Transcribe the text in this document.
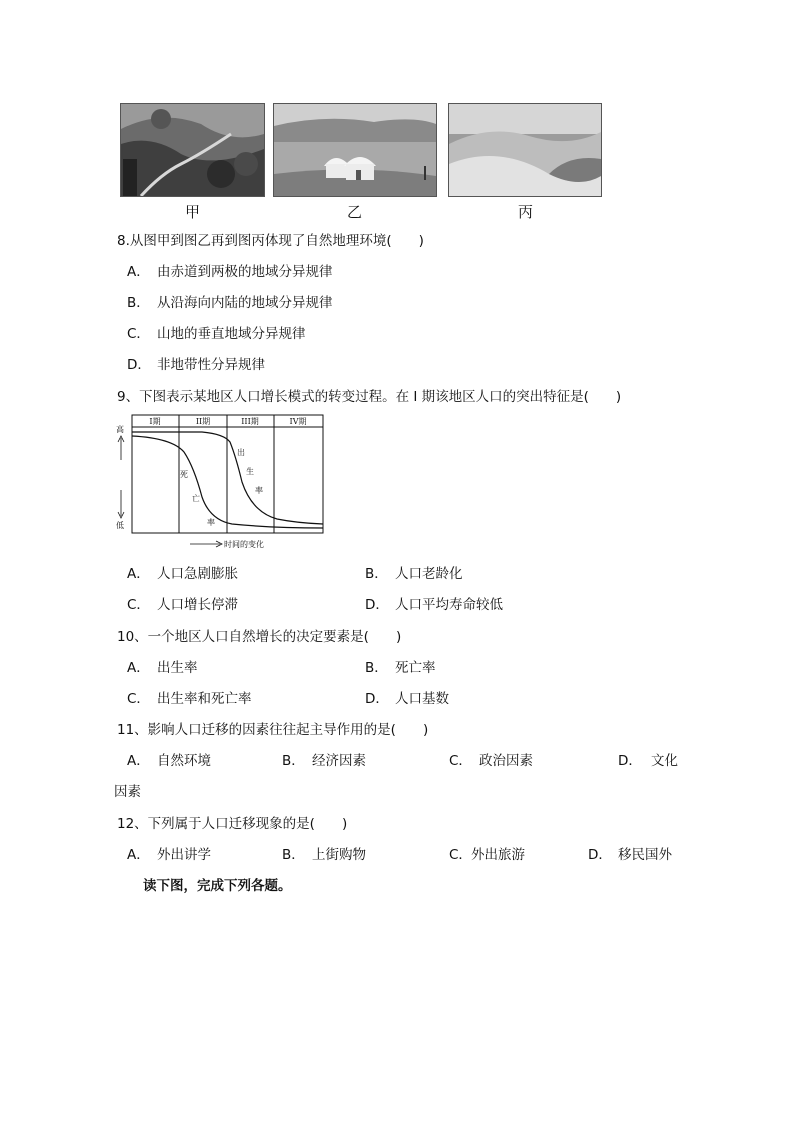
甲	乙	丙
8.从图甲到图乙再到图丙体现了自然地理环境(　　)
A． 由赤道到两极的地域分异规律
B． 从沿海向内陆的地域分异规律
C． 山地的垂直地域分异规律
D． 非地带性分异规律
9、下图表示某地区人口增长模式的转变过程。在 I 期该地区人口的突出特征是(　　)
I期	II期	III期	IV期
出
生
率
死
亡
率
高
低
时间的变化
A． 人口急剧膨胀	B． 人口老龄化
C． 人口增长停滞	D． 人口平均寿命较低
10、一个地区人口自然增长的决定要素是(　　)
A． 出生率	B． 死亡率
C． 出生率和死亡率	D． 人口基数
11、影响人口迁移的因素往往起主导作用的是(　　)
A． 自然环境	B． 经济因素	C． 政治因素	D． 文化
因素
12、下列属于人口迁移现象的是(　　)
A． 外出讲学	B． 上街购物	C．外出旅游	D． 移民国外
读下图，完成下列各题。
